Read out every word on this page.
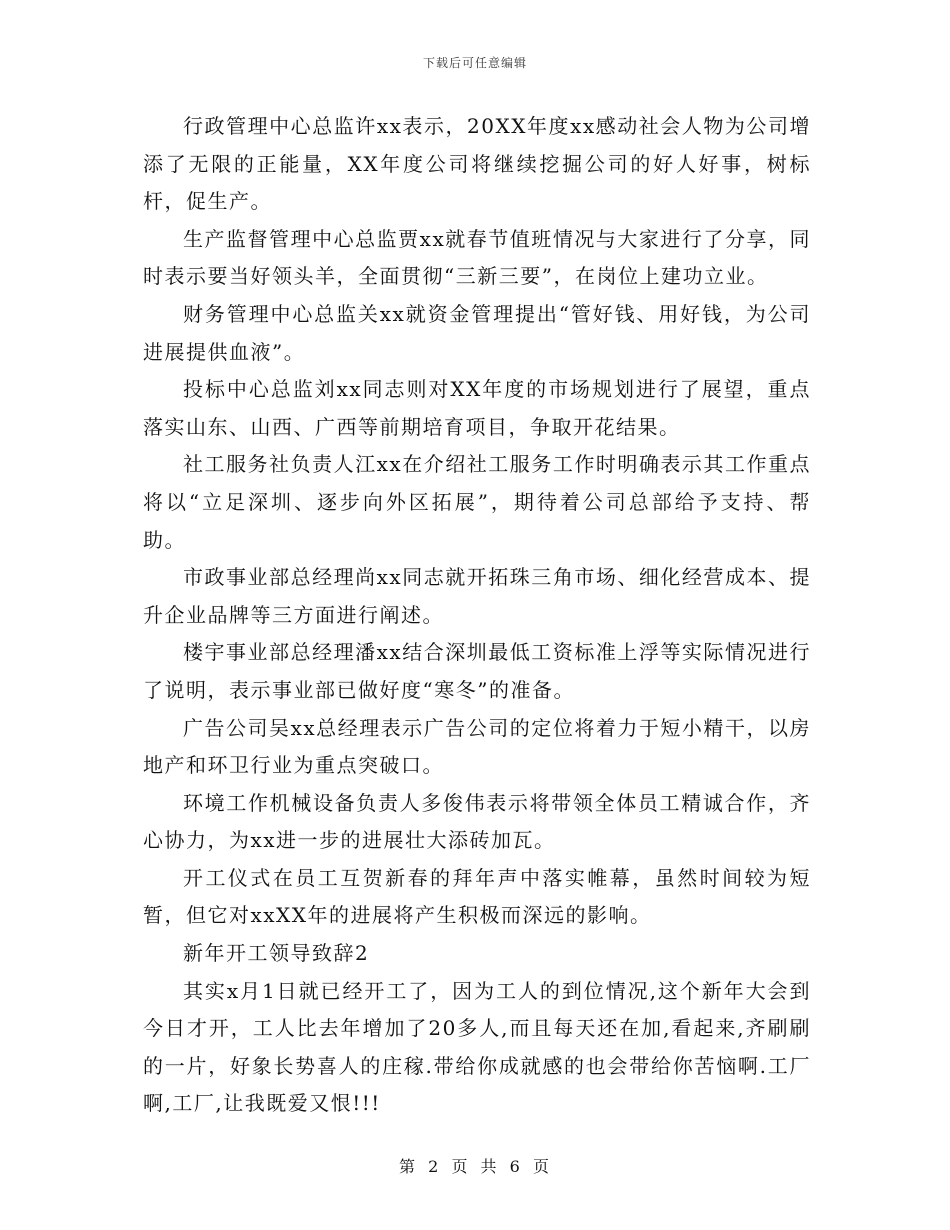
下载后可任意编辑

行政管理中心总监许xx表示，20XX年度xx感动社会人物为公司增添了无限的正能量，XX年度公司将继续挖掘公司的好人好事，树标杆，促生产。

生产监督管理中心总监贾xx就春节值班情况与大家进行了分享，同时表示要当好领头羊，全面贯彻“三新三要”，在岗位上建功立业。

财务管理中心总监关xx就资金管理提出“管好钱、用好钱，为公司进展提供血液”。

投标中心总监刘xx同志则对XX年度的市场规划进行了展望，重点落实山东、山西、广西等前期培育项目，争取开花结果。

社工服务社负责人江xx在介绍社工服务工作时明确表示其工作重点将以“立足深圳、逐步向外区拓展”，期待着公司总部给予支持、帮助。

市政事业部总经理尚xx同志就开拓珠三角市场、细化经营成本、提升企业品牌等三方面进行阐述。

楼宇事业部总经理潘xx结合深圳最低工资标准上浮等实际情况进行了说明，表示事业部已做好度“寒冬”的准备。

广告公司吴xx总经理表示广告公司的定位将着力于短小精干，以房地产和环卫行业为重点突破口。

环境工作机械设备负责人多俊伟表示将带领全体员工精诚合作，齐心协力，为xx进一步的进展壮大添砖加瓦。

开工仪式在员工互贺新春的拜年声中落实帷幕，虽然时间较为短暂，但它对xxXX年的进展将产生积极而深远的影响。

新年开工领导致辞2

其实x月1日就已经开工了，因为工人的到位情况,这个新年大会到今日才开，工人比去年增加了20多人,而且每天还在加,看起来,齐刷刷的一片，好象长势喜人的庄稼.带给你成就感的也会带给你苦恼啊.工厂啊,工厂,让我既爱又恨!!!

第 2 页 共 6 页
